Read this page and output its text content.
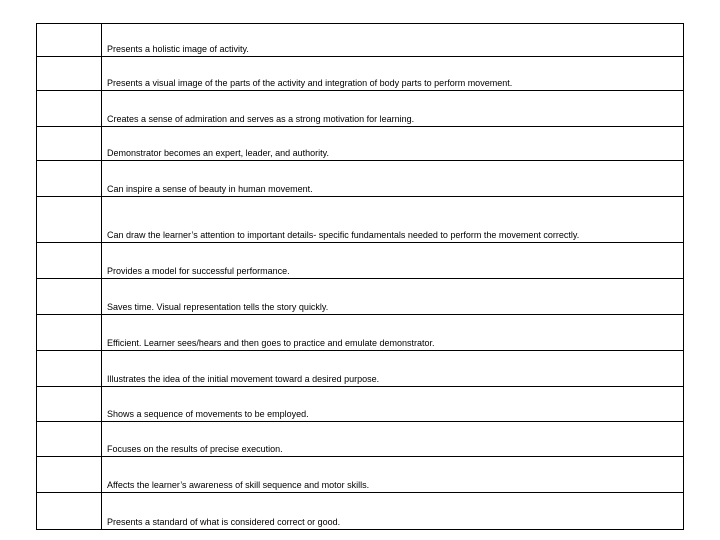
	Presents a holistic image of activity.
	Presents a visual image of the parts of the activity and integration of body parts to perform movement.
	Creates a sense of admiration and serves as a strong motivation for learning.
	Demonstrator becomes an expert, leader, and authority.
	Can inspire a sense of beauty in human movement.
	Can draw the learner’s attention to important details- specific fundamentals needed to perform the movement correctly.
	Provides a model for successful performance.
	Saves time. Visual representation tells the story quickly.
	Efficient. Learner sees/hears and then goes to practice and emulate demonstrator.
	Illustrates the idea of the initial movement toward a desired purpose.
	Shows a sequence of movements to be employed.
	Focuses on the results of precise execution.
	Affects the learner’s awareness of skill sequence and motor skills.
	Presents a standard of what is considered correct or good.
